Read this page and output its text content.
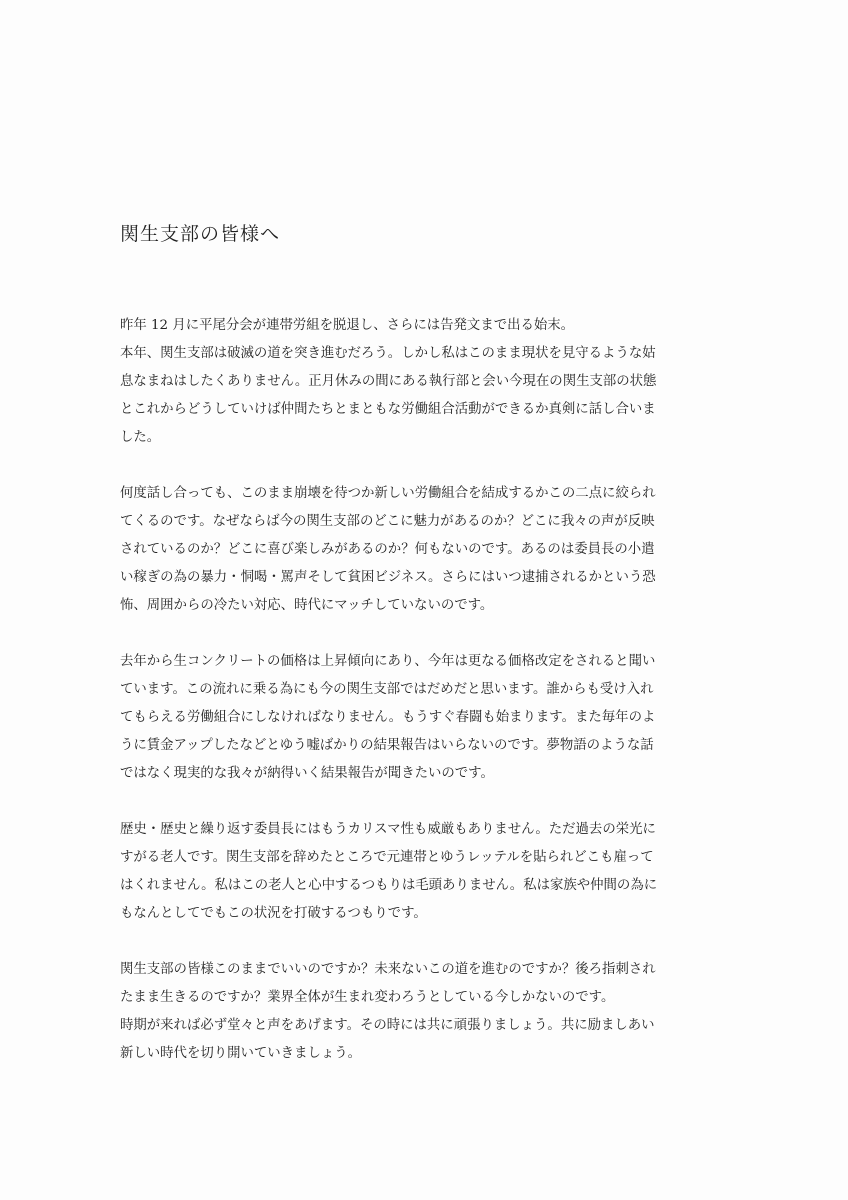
関生支部の皆様へ
昨年 12 月に平尾分会が連帯労組を脱退し、さらには告発文まで出る始末。
本年、関生支部は破滅の道を突き進むだろう。しかし私はこのまま現状を見守るような姑
息なまねはしたくありません。正月休みの間にある執行部と会い今現在の関生支部の状態
とこれからどうしていけば仲間たちとまともな労働組合活動ができるか真剣に話し合いま
した。
何度話し合っても、このまま崩壊を待つか新しい労働組合を結成するかこの二点に絞られ
てくるのです。なぜならば今の関生支部のどこに魅力があるのか？どこに我々の声が反映
されているのか？どこに喜び楽しみがあるのか？何もないのです。あるのは委員長の小遣
い稼ぎの為の暴力・恫喝・罵声そして貧困ビジネス。さらにはいつ逮捕されるかという恐
怖、周囲からの冷たい対応、時代にマッチしていないのです。
去年から生コンクリートの価格は上昇傾向にあり、今年は更なる価格改定をされると聞い
ています。この流れに乗る為にも今の関生支部ではだめだと思います。誰からも受け入れ
てもらえる労働組合にしなければなりません。もうすぐ春闘も始まります。また毎年のよ
うに賃金アップしたなどとゆう嘘ばかりの結果報告はいらないのです。夢物語のような話
ではなく現実的な我々が納得いく結果報告が聞きたいのです。
歴史・歴史と繰り返す委員長にはもうカリスマ性も威厳もありません。ただ過去の栄光に
すがる老人です。関生支部を辞めたところで元連帯とゆうレッテルを貼られどこも雇って
はくれません。私はこの老人と心中するつもりは毛頭ありません。私は家族や仲間の為に
もなんとしてでもこの状況を打破するつもりです。
関生支部の皆様このままでいいのですか？未来ないこの道を進むのですか？後ろ指刺され
たまま生きるのですか？業界全体が生まれ変わろうとしている今しかないのです。
時期が来れば必ず堂々と声をあげます。その時には共に頑張りましょう。共に励ましあい
新しい時代を切り開いていきましょう。
